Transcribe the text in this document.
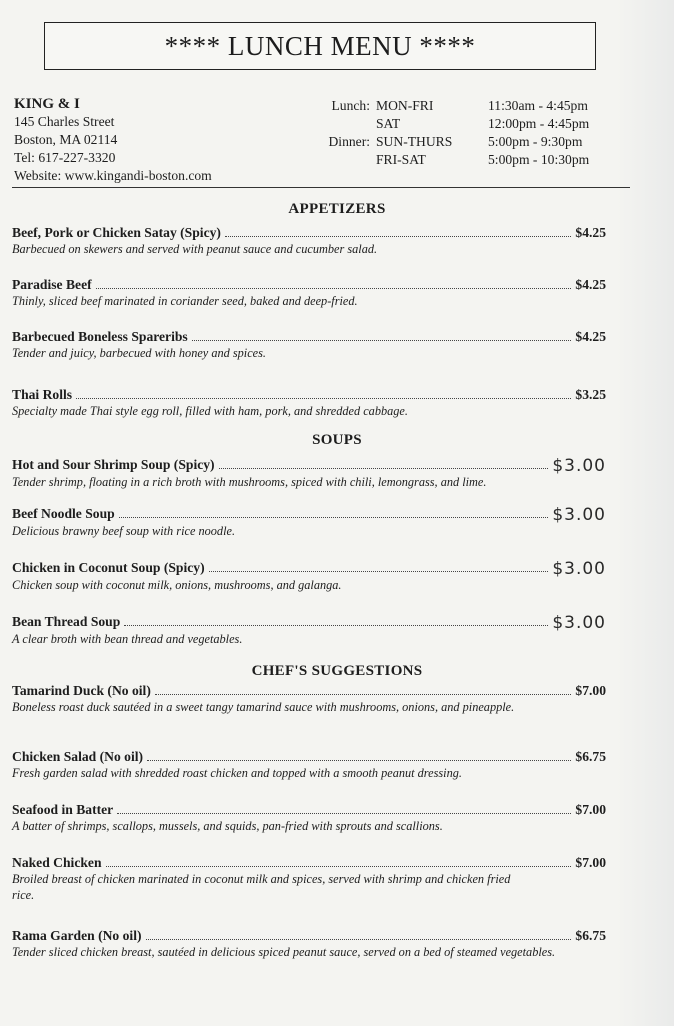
**** LUNCH MENU ****
KING & I
145 Charles Street
Boston, MA 02114
Tel: 617-227-3320
Website: www.kingandi-boston.com
Lunch: MON-FRI	11:30am - 4:45pm
SAT	12:00pm - 4:45pm
Dinner: SUN-THURS	5:00pm - 9:30pm
FRI-SAT	5:00pm - 10:30pm
APPETIZERS
Beef, Pork or Chicken Satay (Spicy)	$4.25
Barbecued on skewers and served with peanut sauce and cucumber salad.
Paradise Beef	$4.25
Thinly, sliced beef marinated in coriander seed, baked and deep-fried.
Barbecued Boneless Spareribs	$4.25
Tender and juicy, barbecued with honey and spices.
Thai Rolls	$3.25
Specialty made Thai style egg roll, filled with ham, pork, and shredded cabbage.
SOUPS
Hot and Sour Shrimp Soup (Spicy)	$3.00
Tender shrimp, floating in a rich broth with mushrooms, spiced with chili, lemongrass, and lime.
Beef Noodle Soup	$3.00
Delicious brawny beef soup with rice noodle.
Chicken in Coconut Soup (Spicy)	$3.00
Chicken soup with coconut milk, onions, mushrooms, and galanga.
Bean Thread Soup	$3.00
A clear broth with bean thread and vegetables.
CHEF'S SUGGESTIONS
Tamarind Duck (No oil)	$7.00
Boneless roast duck sautéed in a sweet tangy tamarind sauce with mushrooms, onions, and pineapple.
Chicken Salad (No oil)	$6.75
Fresh garden salad with shredded roast chicken and topped with a smooth peanut dressing.
Seafood in Batter	$7.00
A batter of shrimps, scallops, mussels, and squids, pan-fried with sprouts and scallions.
Naked Chicken	$7.00
Broiled breast of chicken marinated in coconut milk and spices, served with shrimp and chicken fried rice.
Rama Garden (No oil)	$6.75
Tender sliced chicken breast, sautéed in delicious spiced peanut sauce, served on a bed of steamed vegetables.
